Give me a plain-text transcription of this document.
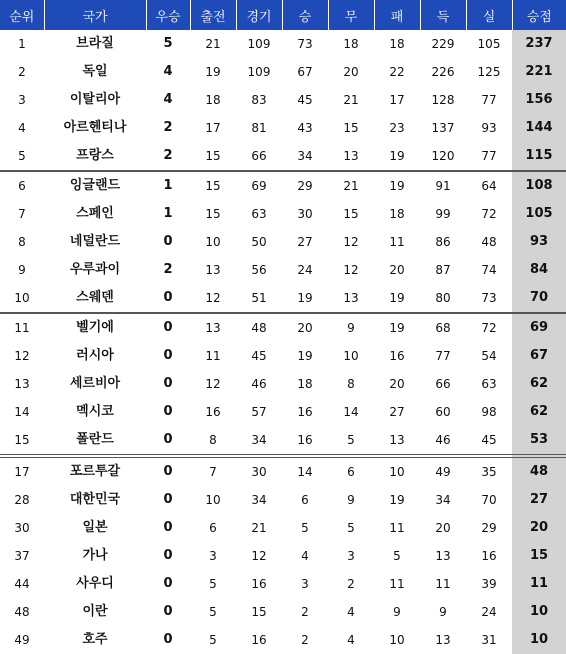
순위	국가	우승	출전	경기	승	무	패	득	실	승점
1	브라질	5	21	109	73	18	18	229	105	237
2	독일	4	19	109	67	20	22	226	125	221
3	이탈리아	4	18	83	45	21	17	128	77	156
4	아르헨티나	2	17	81	43	15	23	137	93	144
5	프랑스	2	15	66	34	13	19	120	77	115
6	잉글랜드	1	15	69	29	21	19	91	64	108
7	스페인	1	15	63	30	15	18	99	72	105
8	네덜란드	0	10	50	27	12	11	86	48	93
9	우루과이	2	13	56	24	12	20	87	74	84
10	스웨덴	0	12	51	19	13	19	80	73	70
11	벨기에	0	13	48	20	9	19	68	72	69
12	러시아	0	11	45	19	10	16	77	54	67
13	세르비아	0	12	46	18	8	20	66	63	62
14	멕시코	0	16	57	16	14	27	60	98	62
15	폴란드	0	8	34	16	5	13	46	45	53
17	포르투갈	0	7	30	14	6	10	49	35	48
28	대한민국	0	10	34	6	9	19	34	70	27
30	일본	0	6	21	5	5	11	20	29	20
37	가나	0	3	12	4	3	5	13	16	15
44	사우디	0	5	16	3	2	11	11	39	11
48	이란	0	5	15	2	4	9	9	24	10
49	호주	0	5	16	2	4	10	13	31	10
